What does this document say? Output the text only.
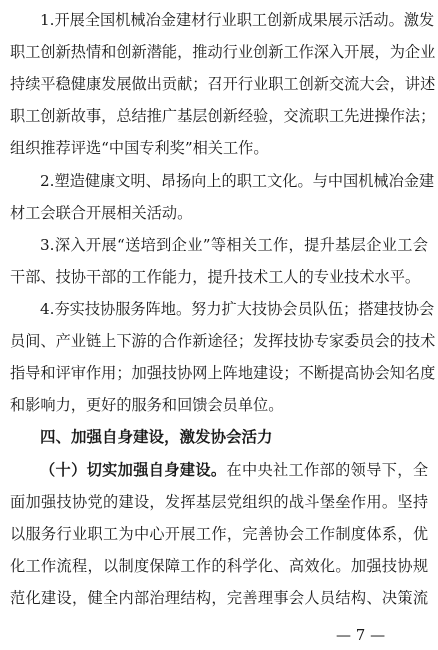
1.开展全国机械冶金建材行业职工创新成果展示活动。激发
职工创新热情和创新潜能，推动行业创新工作深入开展，为企业
持续平稳健康发展做出贡献；召开行业职工创新交流大会，讲述
职工创新故事，总结推广基层创新经验，交流职工先进操作法；
组织推荐评选“中国专利奖”相关工作。
2.塑造健康文明、昂扬向上的职工文化。与中国机械冶金建
材工会联合开展相关活动。
3.深入开展“送培到企业”等相关工作，提升基层企业工会
干部、技协干部的工作能力，提升技术工人的专业技术水平。
4.夯实技协服务阵地。努力扩大技协会员队伍；搭建技协会
员间、产业链上下游的合作新途径；发挥技协专家委员会的技术
指导和评审作用；加强技协网上阵地建设；不断提高协会知名度
和影响力，更好的服务和回馈会员单位。
四、加强自身建设，激发协会活力
（十）切实加强自身建设。在中央社工作部的领导下，全
面加强技协党的建设，发挥基层党组织的战斗堡垒作用。坚持
以服务行业职工为中心开展工作，完善协会工作制度体系，优
化工作流程，以制度保障工作的科学化、高效化。加强技协规
范化建设，健全内部治理结构，完善理事会人员结构、决策流
— 7 —
